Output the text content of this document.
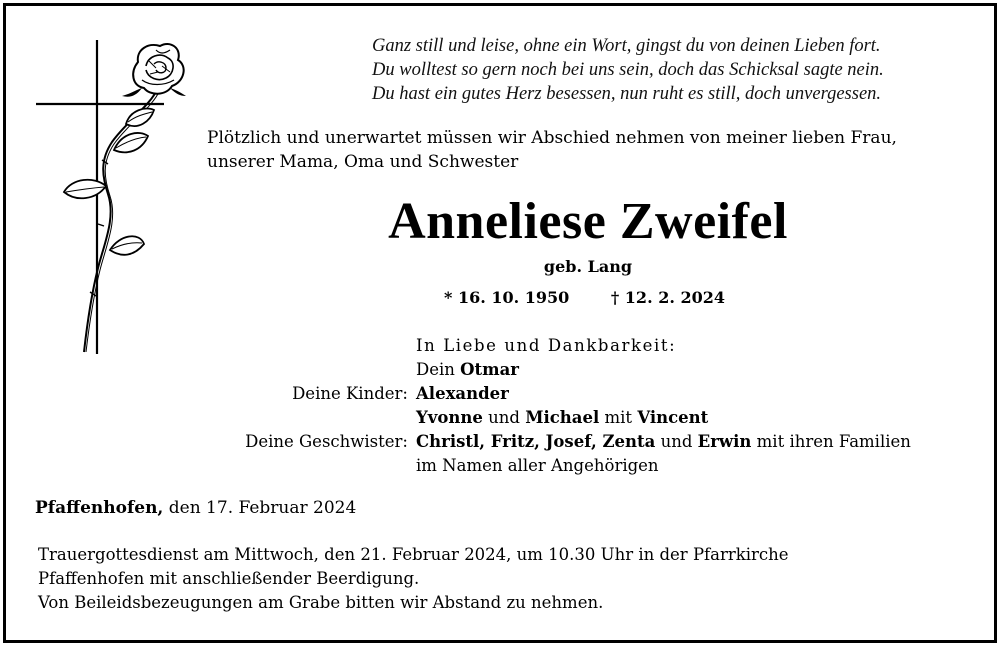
Ganz still und leise, ohne ein Wort, gingst du von deinen Lieben fort.
Du wolltest so gern noch bei uns sein, doch das Schicksal sagte nein.
Du hast ein gutes Herz besessen, nun ruht es still, doch unvergessen.
Plötzlich und unerwartet müssen wir Abschied nehmen von meiner lieben Frau,
unserer Mama, Oma und Schwester
Anneliese Zweifel
geb. Lang
* 16. 10. 1950	† 12. 2. 2024
In Liebe und Dankbarkeit:
Dein Otmar
Deine Kinder: Alexander
Yvonne und Michael mit Vincent
Deine Geschwister: Christl, Fritz, Josef, Zenta und Erwin mit ihren Familien
im Namen aller Angehörigen
Pfaffenhofen, den 17. Februar 2024
Trauergottesdienst am Mittwoch, den 21. Februar 2024, um 10.30 Uhr in der Pfarrkirche
Pfaffenhofen mit anschließender Beerdigung.
Von Beileidsbezeugungen am Grabe bitten wir Abstand zu nehmen.
